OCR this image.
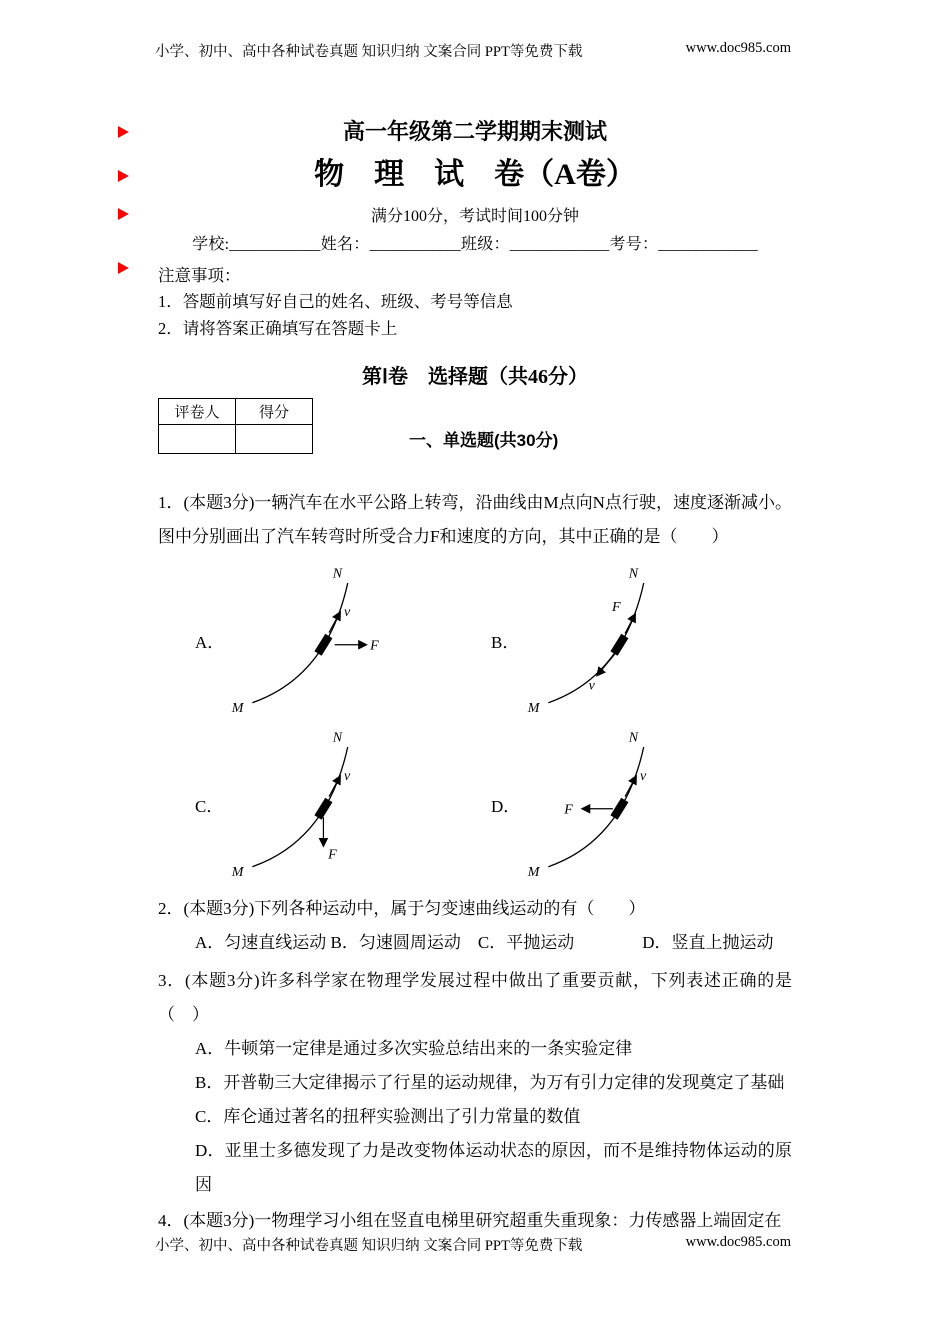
小学、初中、高中各种试卷真题 知识归纳 文案合同 PPT等免费下载	www.doc985.com
高一年级第二学期期末测试
物　理　试　卷（A卷）
满分100分，考试时间100分钟
学校:___________姓名：___________班级：____________考号：____________
注意事项：
1．答题前填写好自己的姓名、班级、考号等信息
2．请将答案正确填写在答题卡上
第Ⅰ卷　选择题（共46分）
评卷人	得分

一、单选题(共30分)

1．(本题3分)一辆汽车在水平公路上转弯，沿曲线由M点向N点行驶，速度逐渐减小。图中分别画出了汽车转弯时所受合力F和速度的方向，其中正确的是（　　）

A．
M
N
v
F	B．
M
N
F
v
C．
M
N
v
F
D．
M
N
v
F

2．(本题3分)下列各种运动中，属于匀变速曲线运动的有（　　）

A．匀速直线运动 B．匀速圆周运动　C．平抛运动　　　　D．竖直上抛运动

3．(本题3分)许多科学家在物理学发展过程中做出了重要贡献，下列表述正确的是（　）

A．牛顿第一定律是通过多次实验总结出来的一条实验定律
B．开普勒三大定律揭示了行星的运动规律，为万有引力定律的发现奠定了基础
C．库仑通过著名的扭秤实验测出了引力常量的数值
D．亚里士多德发现了力是改变物体运动状态的原因，而不是维持物体运动的原因

4．(本题3分)一物理学习小组在竖直电梯里研究超重失重现象：力传感器上端固定在

小学、初中、高中各种试卷真题 知识归纳 文案合同 PPT等免费下载	www.doc985.com
